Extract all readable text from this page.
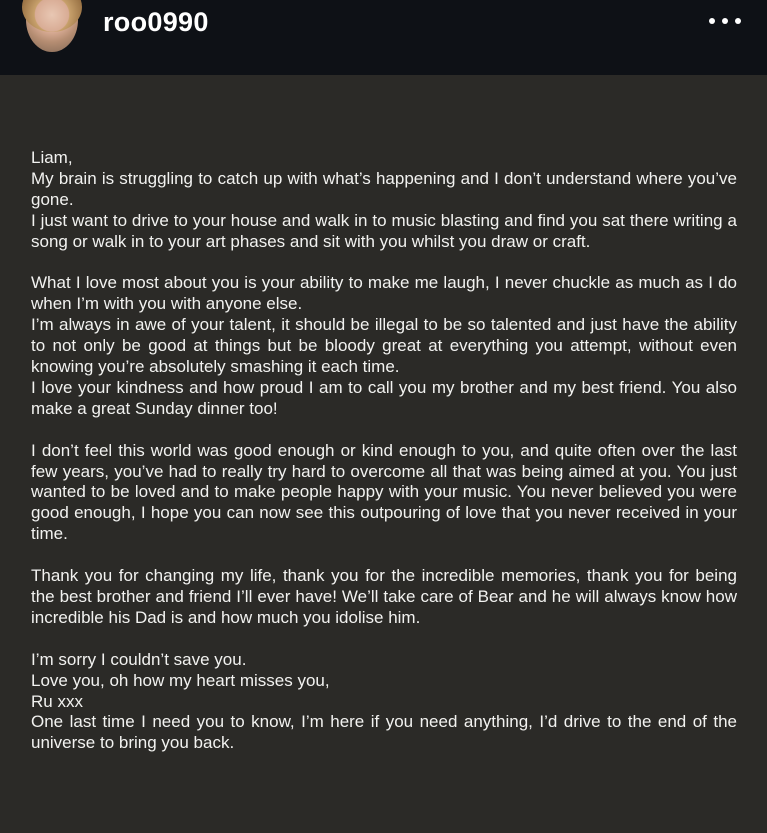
roo0990

Liam,

My brain is struggling to catch up with what’s happening and I don’t understand where you’ve gone.

I just want to drive to your house and walk in to music blasting and find you sat there writing a song or walk in to your art phases and sit with you whilst you draw or craft.

What I love most about you is your ability to make me laugh, I never chuckle as much as I do when I’m with you with anyone else.

I’m always in awe of your talent, it should be illegal to be so talented and just have the ability to not only be good at things but be bloody great at everything you attempt, without even knowing you’re absolutely smashing it each time.

I love your kindness and how proud I am to call you my brother and my best friend. You also make a great Sunday dinner too!

I don’t feel this world was good enough or kind enough to you, and quite often over the last few years, you’ve had to really try hard to overcome all that was being aimed at you. You just wanted to be loved and to make people happy with your music. You never believed you were good enough, I hope you can now see this outpouring of love that you never received in your time.

Thank you for changing my life, thank you for the incredible memories, thank you for being the best brother and friend I’ll ever have! We’ll take care of Bear and he will always know how incredible his Dad is and how much you idolise him.

I’m sorry I couldn’t save you.

Love you, oh how my heart misses you,

Ru xxx

One last time I need you to know, I’m here if you need anything, I’d drive to the end of the universe to bring you back.
